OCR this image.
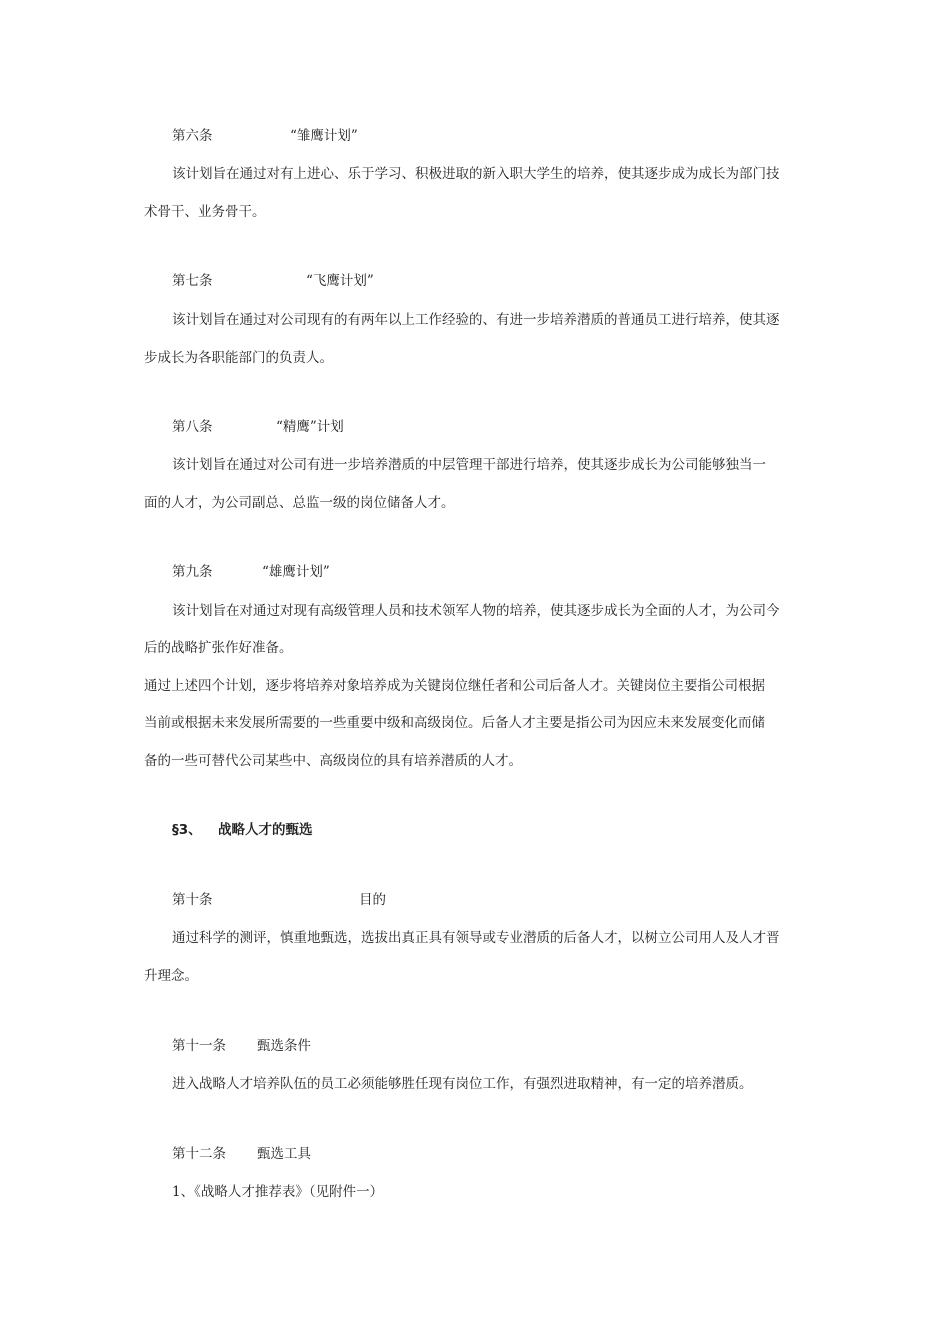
第六条	“雏鹰计划”
该计划旨在通过对有上进心、乐于学习、积极进取的新入职大学生的培养，使其逐步成为成长为部门技
术骨干、业务骨干。
第七条	“飞鹰计划”
该计划旨在通过对公司现有的有两年以上工作经验的、有进一步培养潜质的普通员工进行培养，使其逐
步成长为各职能部门的负责人。
第八条	“精鹰”计划
该计划旨在通过对公司有进一步培养潜质的中层管理干部进行培养，使其逐步成长为公司能够独当一
面的人才，为公司副总、总监一级的岗位储备人才。
第九条	“雄鹰计划”
该计划旨在对通过对现有高级管理人员和技术领军人物的培养，使其逐步成长为全面的人才，为公司今
后的战略扩张作好准备。
通过上述四个计划，逐步将培养对象培养成为关键岗位继任者和公司后备人才。关键岗位主要指公司根据
当前或根据未来发展所需要的一些重要中级和高级岗位。后备人才主要是指公司为因应未来发展变化而储
备的一些可替代公司某些中、高级岗位的具有培养潜质的人才。
§3、 战略人才的甄选
第十条	目的
通过科学的测评，慎重地甄选，选拔出真正具有领导或专业潜质的后备人才，以树立公司用人及人才晋
升理念。
第十一条 甄选条件
进入战略人才培养队伍的员工必须能够胜任现有岗位工作，有强烈进取精神，有一定的培养潜质。
第十二条 甄选工具
1、《战略人才推荐表》（见附件一）
